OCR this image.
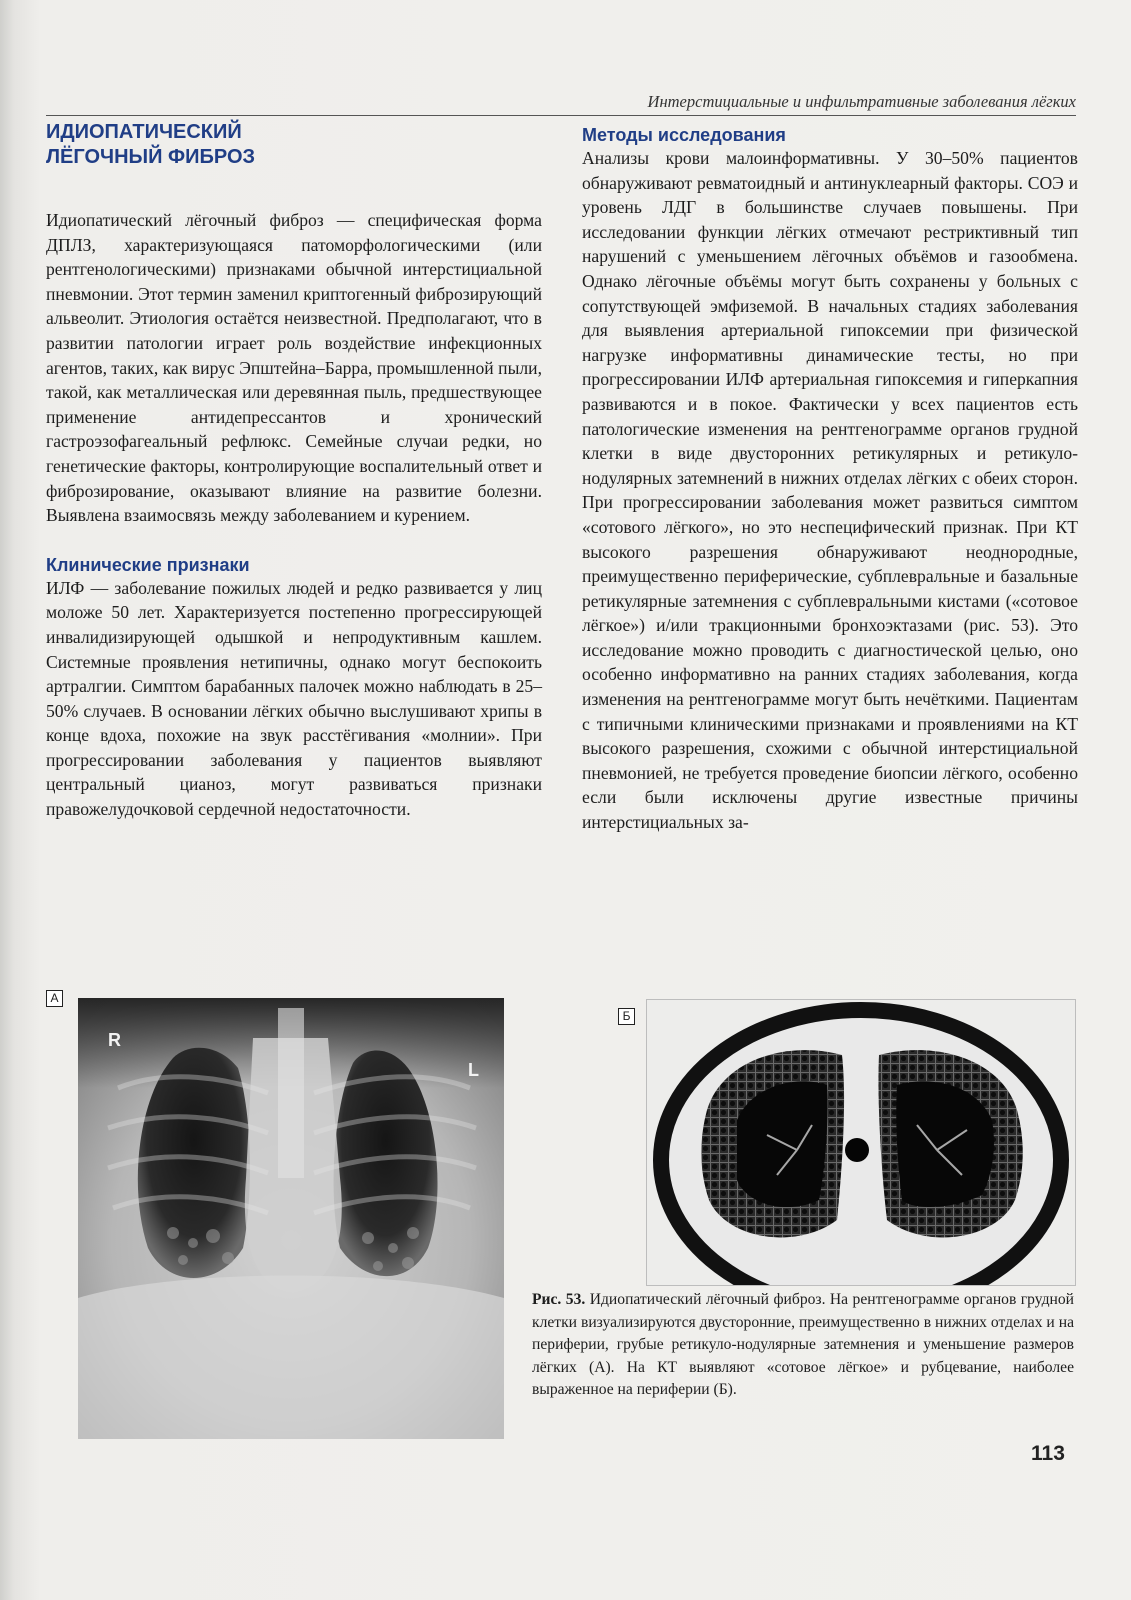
Интерстициальные и инфильтративные заболевания лёгких
ИДИОПАТИЧЕСКИЙ
ЛЁГОЧНЫЙ ФИБРОЗ

Идиопатический лёгочный фиброз — специфическая форма ДПЛЗ, характеризующаяся патоморфологическими (или рентгенологическими) признаками обычной интерстициальной пневмонии. Этот термин заменил криптогенный фиброзирующий альвеолит. Этиология остаётся неизвестной. Предполагают, что в развитии патологии играет роль воздействие инфекционных агентов, таких, как вирус Эпштейна–Барра, промышленной пыли, такой, как металлическая или деревянная пыль, предшествующее применение антидепрессантов и хронический гастроэзофагеальный рефлюкс. Семейные случаи редки, но генетические факторы, контролирующие воспалительный ответ и фиброзирование, оказывают влияние на развитие болезни. Выявлена взаимосвязь между заболеванием и курением.

Клинические признаки

ИЛФ — заболевание пожилых людей и редко развивается у лиц моложе 50 лет. Характеризуется постепенно прогрессирующей инвалидизирующей одышкой и непродуктивным кашлем. Системные проявления нетипичны, однако могут беспокоить артралгии. Симптом барабанных палочек можно наблюдать в 25–50% случаев. В основании лёгких обычно выслушивают хрипы в конце вдоха, похожие на звук расстёгивания «молнии». При прогрессировании заболевания у пациентов выявляют центральный цианоз, могут развиваться признаки правожелудочковой сердечной недостаточности.

Методы исследования

Анализы крови малоинформативны. У 30–50% пациентов обнаруживают ревматоидный и антинуклеарный факторы. СОЭ и уровень ЛДГ в большинстве случаев повышены. При исследовании функции лёгких отмечают рестриктивный тип нарушений с уменьшением лёгочных объёмов и газообмена. Однако лёгочные объёмы могут быть сохранены у больных с сопутствующей эмфиземой. В начальных стадиях заболевания для выявления артериальной гипоксемии при физической нагрузке информативны динамические тесты, но при прогрессировании ИЛФ артериальная гипоксемия и гиперкапния развиваются и в покое. Фактически у всех пациентов есть патологические изменения на рентгенограмме органов грудной клетки в виде двусторонних ретикулярных и ретикуло-нодулярных затемнений в нижних отделах лёгких с обеих сторон. При прогрессировании заболевания может развиться симптом «сотового лёгкого», но это неспецифический признак. При КТ высокого разрешения обнаруживают неоднородные, преимущественно периферические, субплевральные и базальные ретикулярные затемнения с субплевральными кистами («сотовое лёгкое») и/или тракционными бронхоэктазами (рис. 53). Это исследование можно проводить с диагностической целью, оно особенно информативно на ранних стадиях заболевания, когда изменения на рентгенограмме могут быть нечёткими. Пациентам с типичными клиническими признаками и проявлениями на КТ высокого разрешения, схожими с обычной интерстициальной пневмонией, не требуется проведение биопсии лёгкого, особенно если были исключены другие известные причины интерстициальных за-

А
R
L
Б

Рис. 53. Идиопатический лёгочный фиброз. На рентгенограмме органов грудной клетки визуализируются двусторонние, преимущественно в нижних отделах и на периферии, грубые ретикуло-нодулярные затемнения и уменьшение размеров лёгких (А). На КТ выявляют «сотовое лёгкое» и рубцевание, наиболее выраженное на периферии (Б).

113
